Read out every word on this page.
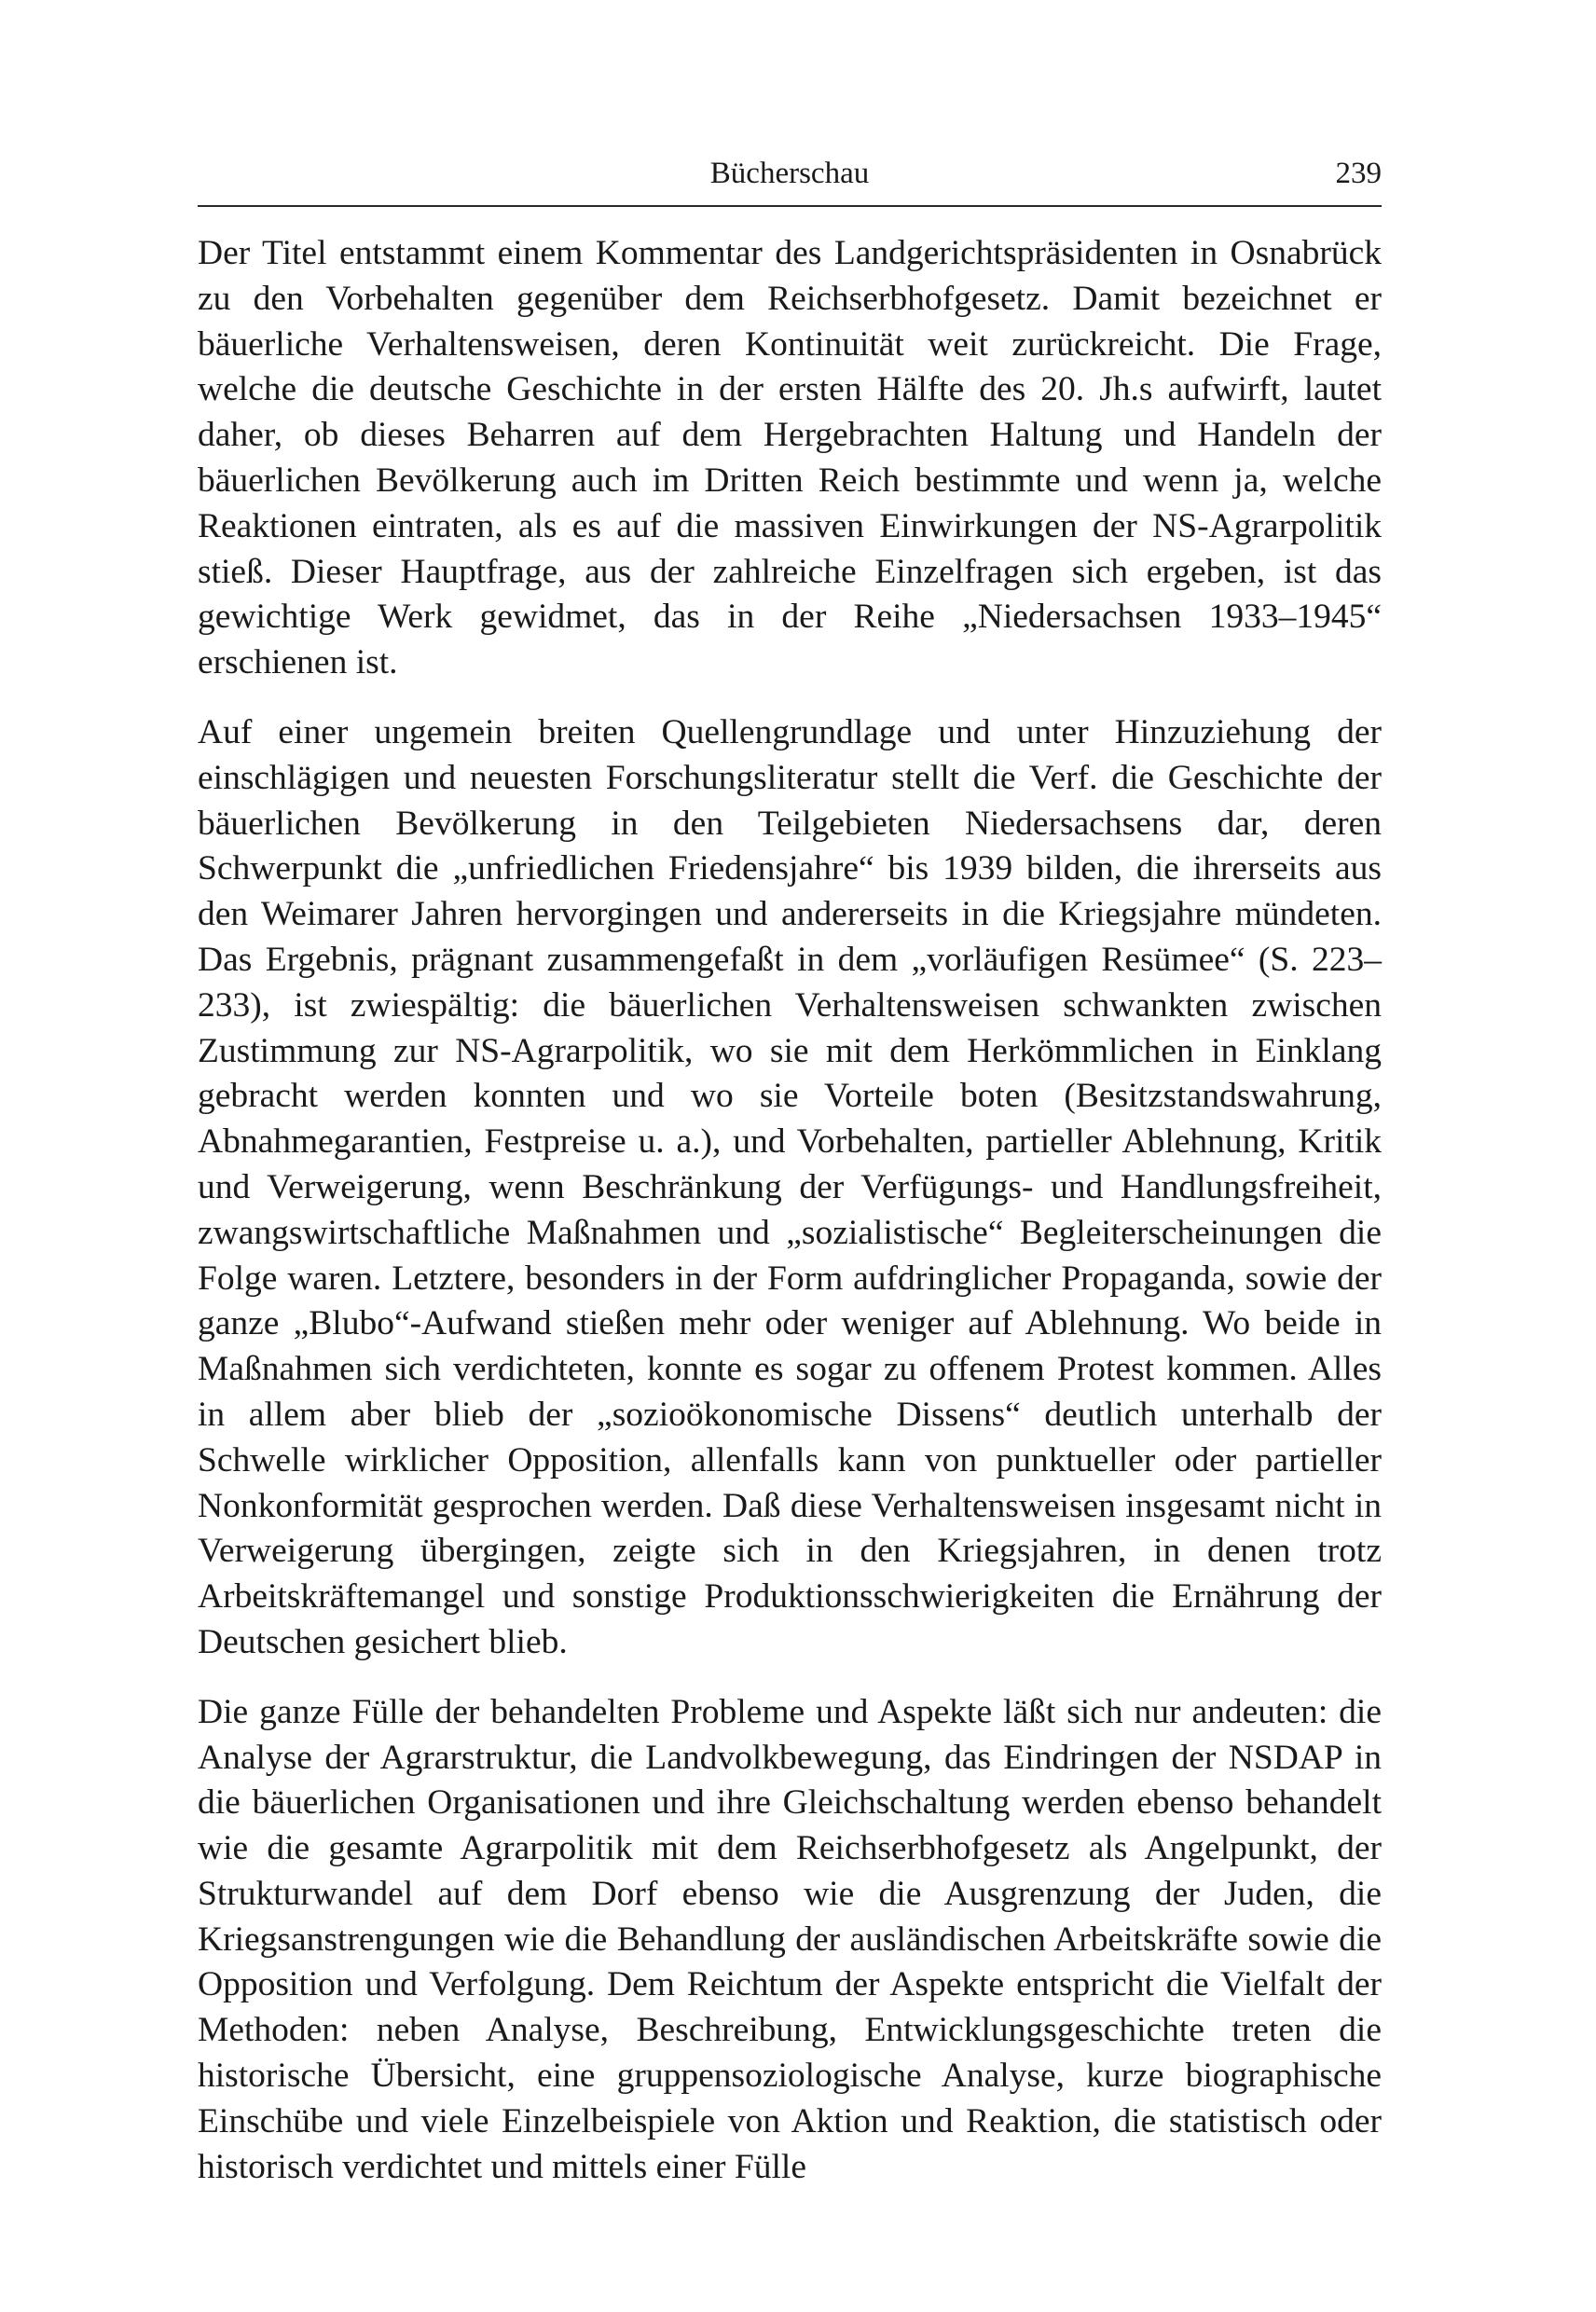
Bücherschau	239

Der Titel entstammt einem Kommentar des Landgerichtspräsidenten in Osnabrück zu den Vorbehalten gegenüber dem Reichserbhofgesetz. Damit bezeichnet er bäuerliche Verhaltensweisen, deren Kontinuität weit zurückreicht. Die Frage, welche die deutsche Geschichte in der ersten Hälfte des 20. Jh.s aufwirft, lautet daher, ob dieses Beharren auf dem Hergebrachten Haltung und Handeln der bäuerlichen Bevölkerung auch im Dritten Reich bestimmte und wenn ja, welche Reaktionen eintraten, als es auf die massiven Einwirkungen der NS-Agrarpolitik stieß. Dieser Hauptfrage, aus der zahlreiche Einzelfragen sich ergeben, ist das gewichtige Werk gewidmet, das in der Reihe „Niedersachsen 1933–1945“ erschienen ist.

Auf einer ungemein breiten Quellengrundlage und unter Hinzuziehung der einschlägigen und neuesten Forschungsliteratur stellt die Verf. die Geschichte der bäuerlichen Bevölkerung in den Teilgebieten Niedersachsens dar, deren Schwerpunkt die „unfriedlichen Friedensjahre“ bis 1939 bilden, die ihrerseits aus den Weimarer Jahren hervorgingen und andererseits in die Kriegsjahre mündeten. Das Ergebnis, prägnant zusammengefaßt in dem „vorläufigen Resümee“ (S. 223–233), ist zwiespältig: die bäuerlichen Verhaltensweisen schwankten zwischen Zustimmung zur NS-Agrarpolitik, wo sie mit dem Herkömmlichen in Einklang gebracht werden konnten und wo sie Vorteile boten (Besitzstandswahrung, Abnahmegarantien, Festpreise u. a.), und Vorbehalten, partieller Ablehnung, Kritik und Verweigerung, wenn Beschränkung der Verfügungs- und Handlungsfreiheit, zwangswirtschaftliche Maßnahmen und „sozialistische“ Begleiterscheinungen die Folge waren. Letztere, besonders in der Form aufdringlicher Propaganda, sowie der ganze „Blubo“-Aufwand stießen mehr oder weniger auf Ablehnung. Wo beide in Maßnahmen sich verdichteten, konnte es sogar zu offenem Protest kommen. Alles in allem aber blieb der „sozioökonomische Dissens“ deutlich unterhalb der Schwelle wirklicher Opposition, allenfalls kann von punktueller oder partieller Nonkonformität gesprochen werden. Daß diese Verhaltensweisen insgesamt nicht in Verweigerung übergingen, zeigte sich in den Kriegsjahren, in denen trotz Arbeitskräftemangel und sonstige Produktionsschwierigkeiten die Ernährung der Deutschen gesichert blieb.

Die ganze Fülle der behandelten Probleme und Aspekte läßt sich nur andeuten: die Analyse der Agrarstruktur, die Landvolkbewegung, das Eindringen der NSDAP in die bäuerlichen Organisationen und ihre Gleichschaltung werden ebenso behandelt wie die gesamte Agrarpolitik mit dem Reichserbhofgesetz als Angelpunkt, der Strukturwandel auf dem Dorf ebenso wie die Ausgrenzung der Juden, die Kriegsanstrengungen wie die Behandlung der ausländischen Arbeitskräfte sowie die Opposition und Verfolgung. Dem Reichtum der Aspekte entspricht die Vielfalt der Methoden: neben Analyse, Beschreibung, Entwicklungsgeschichte treten die historische Übersicht, eine gruppensoziologische Analyse, kurze biographische Einschübe und viele Einzelbeispiele von Aktion und Reaktion, die statistisch oder historisch verdichtet und mittels einer Fülle
